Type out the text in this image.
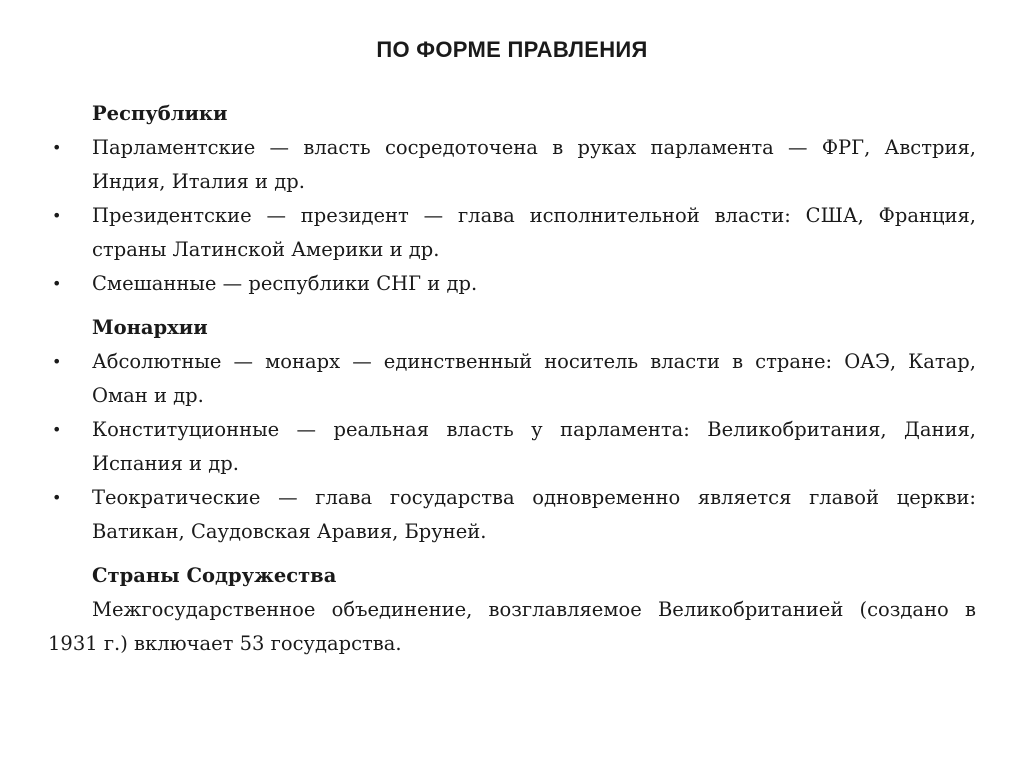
ПО ФОРМЕ ПРАВЛЕНИЯ

Республики

• Парламентские — власть сосредоточена в руках парламента — ФРГ, Австрия, Индия, Италия и др.
• Президентские — президент — глава исполнительной власти: США, Франция, страны Латинской Америки и др.
• Смешанные — республики СНГ и др.

Монархии

• Абсолютные — монарх — единственный носитель власти в стране: ОАЭ, Катар, Оман и др.
• Конституционные — реальная власть у парламента: Великобритания, Дания, Испания и др.
• Теократические — глава государства одновременно является главой церкви: Ватикан, Саудовская Аравия, Бруней.

Страны Содружества

Межгосударственное объединение, возглавляемое Великобританией (создано в 1931 г.) включает 53 государства.
